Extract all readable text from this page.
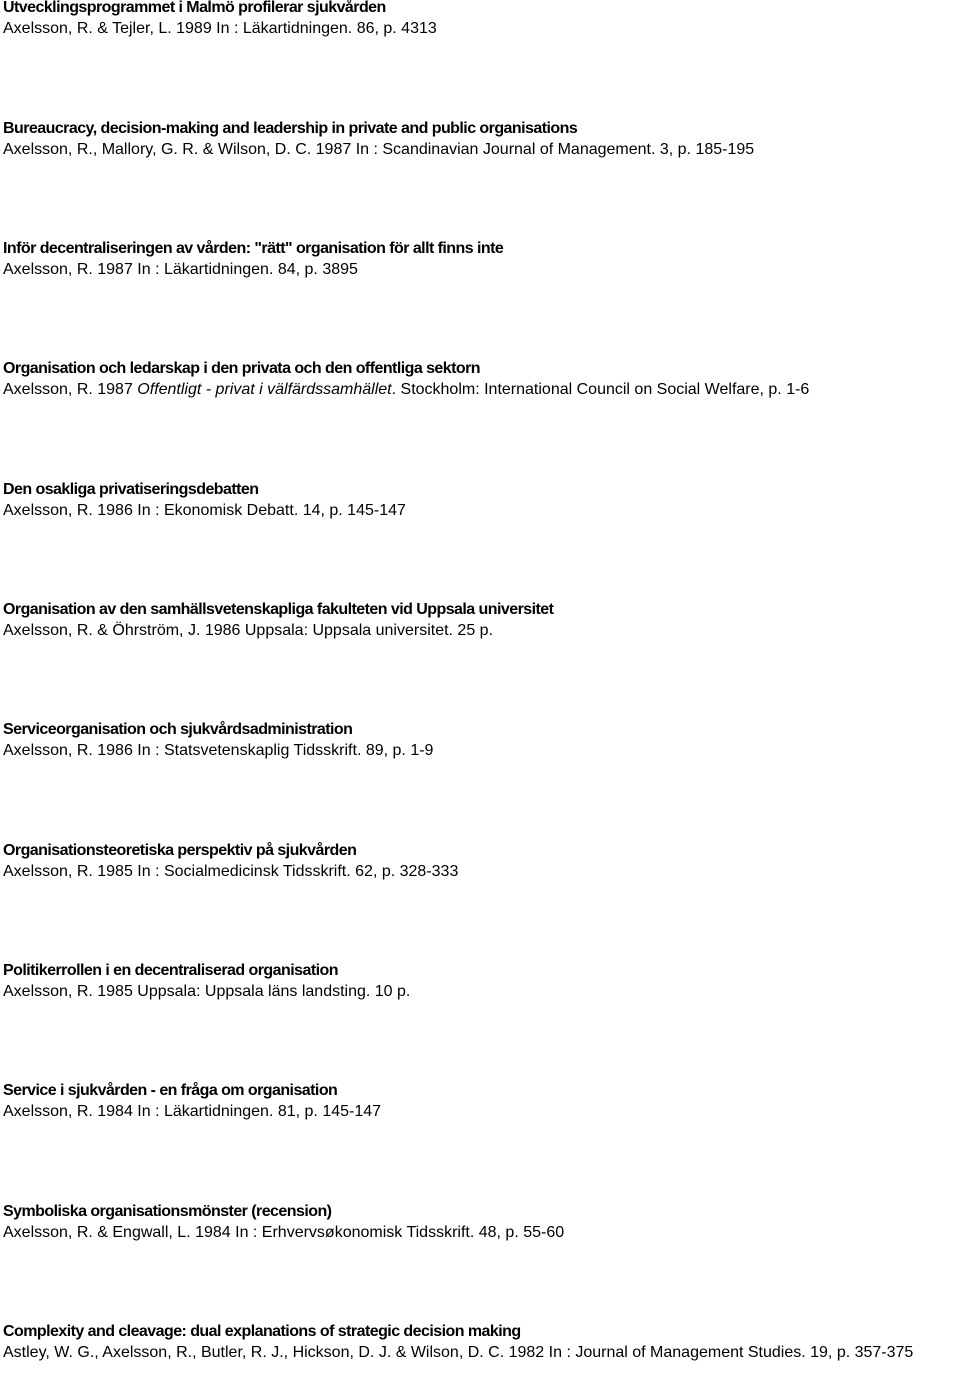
Utvecklingsprogrammet i Malmö profilerar sjukvården
Axelsson, R. & Tejler, L. 1989 In : Läkartidningen. 86, p. 4313
Bureaucracy, decision-making and leadership in private and public organisations
Axelsson, R., Mallory, G. R. & Wilson, D. C. 1987 In : Scandinavian Journal of Management. 3, p. 185-195
Inför decentraliseringen av vården: "rätt" organisation för allt finns inte
Axelsson, R. 1987 In : Läkartidningen. 84, p. 3895
Organisation och ledarskap i den privata och den offentliga sektorn
Axelsson, R. 1987 Offentligt - privat i välfärdssamhället. Stockholm: International Council on Social Welfare, p. 1-6
Den osakliga privatiseringsdebatten
Axelsson, R. 1986 In : Ekonomisk Debatt. 14, p. 145-147
Organisation av den samhällsvetenskapliga fakulteten vid Uppsala universitet
Axelsson, R. & Öhrström, J. 1986 Uppsala: Uppsala universitet. 25 p.
Serviceorganisation och sjukvårdsadministration
Axelsson, R. 1986 In : Statsvetenskaplig Tidsskrift. 89, p. 1-9
Organisationsteoretiska perspektiv på sjukvården
Axelsson, R. 1985 In : Socialmedicinsk Tidsskrift. 62, p. 328-333
Politikerrollen i en decentraliserad organisation
Axelsson, R. 1985 Uppsala: Uppsala läns landsting. 10 p.
Service i sjukvården - en fråga om organisation
Axelsson, R. 1984 In : Läkartidningen. 81, p. 145-147
Symboliska organisationsmönster (recension)
Axelsson, R. & Engwall, L. 1984 In : Erhvervsøkonomisk Tidsskrift. 48, p. 55-60
Complexity and cleavage: dual explanations of strategic decision making
Astley, W. G., Axelsson, R., Butler, R. J., Hickson, D. J. & Wilson, D. C. 1982 In : Journal of Management Studies. 19, p. 357-375
